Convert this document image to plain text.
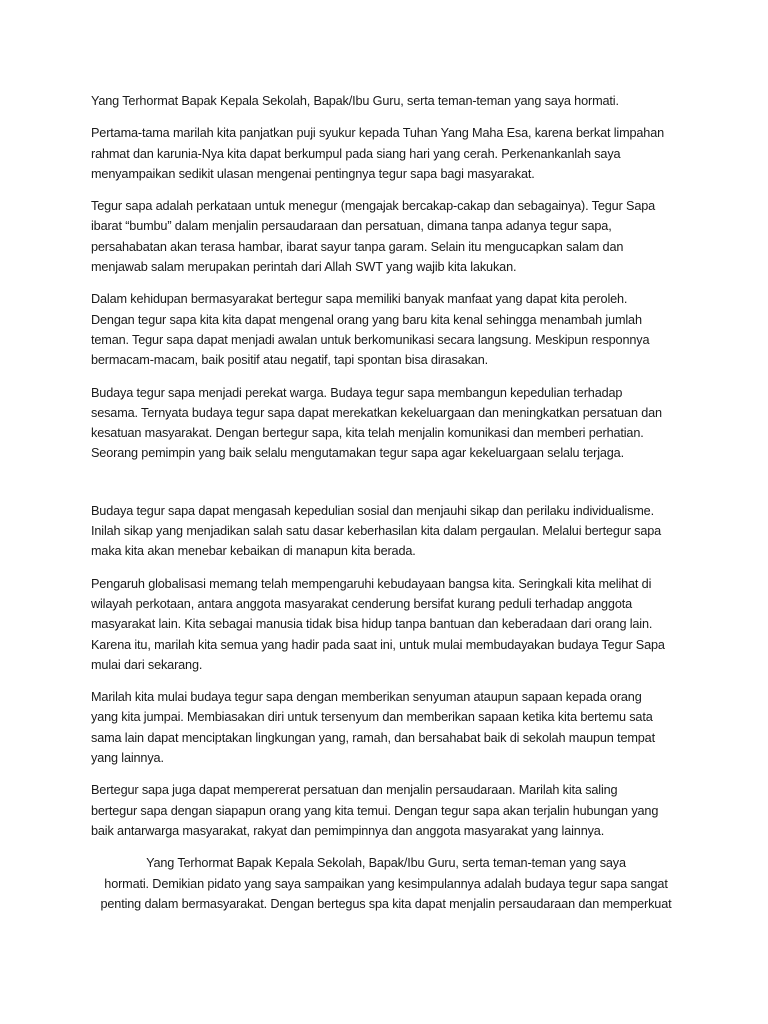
Yang Terhormat Bapak Kepala Sekolah, Bapak/Ibu Guru, serta teman-teman yang saya hormati.

Pertama-tama marilah kita panjatkan puji syukur kepada Tuhan Yang Maha Esa, karena berkat limpahan
rahmat dan karunia-Nya kita dapat berkumpul pada siang hari yang cerah. Perkenankanlah saya
menyampaikan sedikit ulasan mengenai pentingnya tegur sapa bagi masyarakat.

Tegur sapa adalah perkataan untuk menegur (mengajak bercakap-cakap dan sebagainya). Tegur Sapa
ibarat “bumbu” dalam menjalin persaudaraan dan persatuan, dimana tanpa adanya tegur sapa,
persahabatan akan terasa hambar, ibarat sayur tanpa garam. Selain itu mengucapkan salam dan
menjawab salam merupakan perintah dari Allah SWT yang wajib kita lakukan.

Dalam kehidupan bermasyarakat bertegur sapa memiliki banyak manfaat yang dapat kita peroleh.
Dengan tegur sapa kita kita dapat mengenal orang yang baru kita kenal sehingga menambah jumlah
teman. Tegur sapa dapat menjadi awalan untuk berkomunikasi secara langsung. Meskipun responnya
bermacam-macam, baik positif atau negatif, tapi spontan bisa dirasakan.

Budaya tegur sapa menjadi perekat warga. Budaya tegur sapa membangun kepedulian terhadap
sesama. Ternyata budaya tegur sapa dapat merekatkan kekeluargaan dan meningkatkan persatuan dan
kesatuan masyarakat. Dengan bertegur sapa, kita telah menjalin komunikasi dan memberi perhatian.
Seorang pemimpin yang baik selalu mengutamakan tegur sapa agar kekeluargaan selalu terjaga.

Budaya tegur sapa dapat mengasah kepedulian sosial dan menjauhi sikap dan perilaku individualisme.
Inilah sikap yang menjadikan salah satu dasar keberhasilan kita dalam pergaulan. Melalui bertegur sapa
maka kita akan menebar kebaikan di manapun kita berada.

Pengaruh globalisasi memang telah mempengaruhi kebudayaan bangsa kita. Seringkali kita melihat di
wilayah perkotaan, antara anggota masyarakat cenderung bersifat kurang peduli terhadap anggota
masyarakat lain. Kita sebagai manusia tidak bisa hidup tanpa bantuan dan keberadaan dari orang lain.
Karena itu, marilah kita semua yang hadir pada saat ini, untuk mulai membudayakan budaya Tegur Sapa
mulai dari sekarang.

Marilah kita mulai budaya tegur sapa dengan memberikan senyuman ataupun sapaan kepada orang
yang kita jumpai. Membiasakan diri untuk tersenyum dan memberikan sapaan ketika kita bertemu sata
sama lain dapat menciptakan lingkungan yang, ramah, dan bersahabat baik di sekolah maupun tempat
yang lainnya.

Bertegur sapa juga dapat mempererat persatuan dan menjalin persaudaraan. Marilah kita saling
bertegur sapa dengan siapapun orang yang kita temui. Dengan tegur sapa akan terjalin hubungan yang
baik antarwarga masyarakat, rakyat dan pemimpinnya dan anggota masyarakat yang lainnya.

Yang Terhormat Bapak Kepala Sekolah, Bapak/Ibu Guru, serta teman-teman yang saya
hormati. Demikian pidato yang saya sampaikan yang kesimpulannya adalah budaya tegur sapa sangat
penting dalam bermasyarakat. Dengan bertegus spa kita dapat menjalin persaudaraan dan memperkuat
